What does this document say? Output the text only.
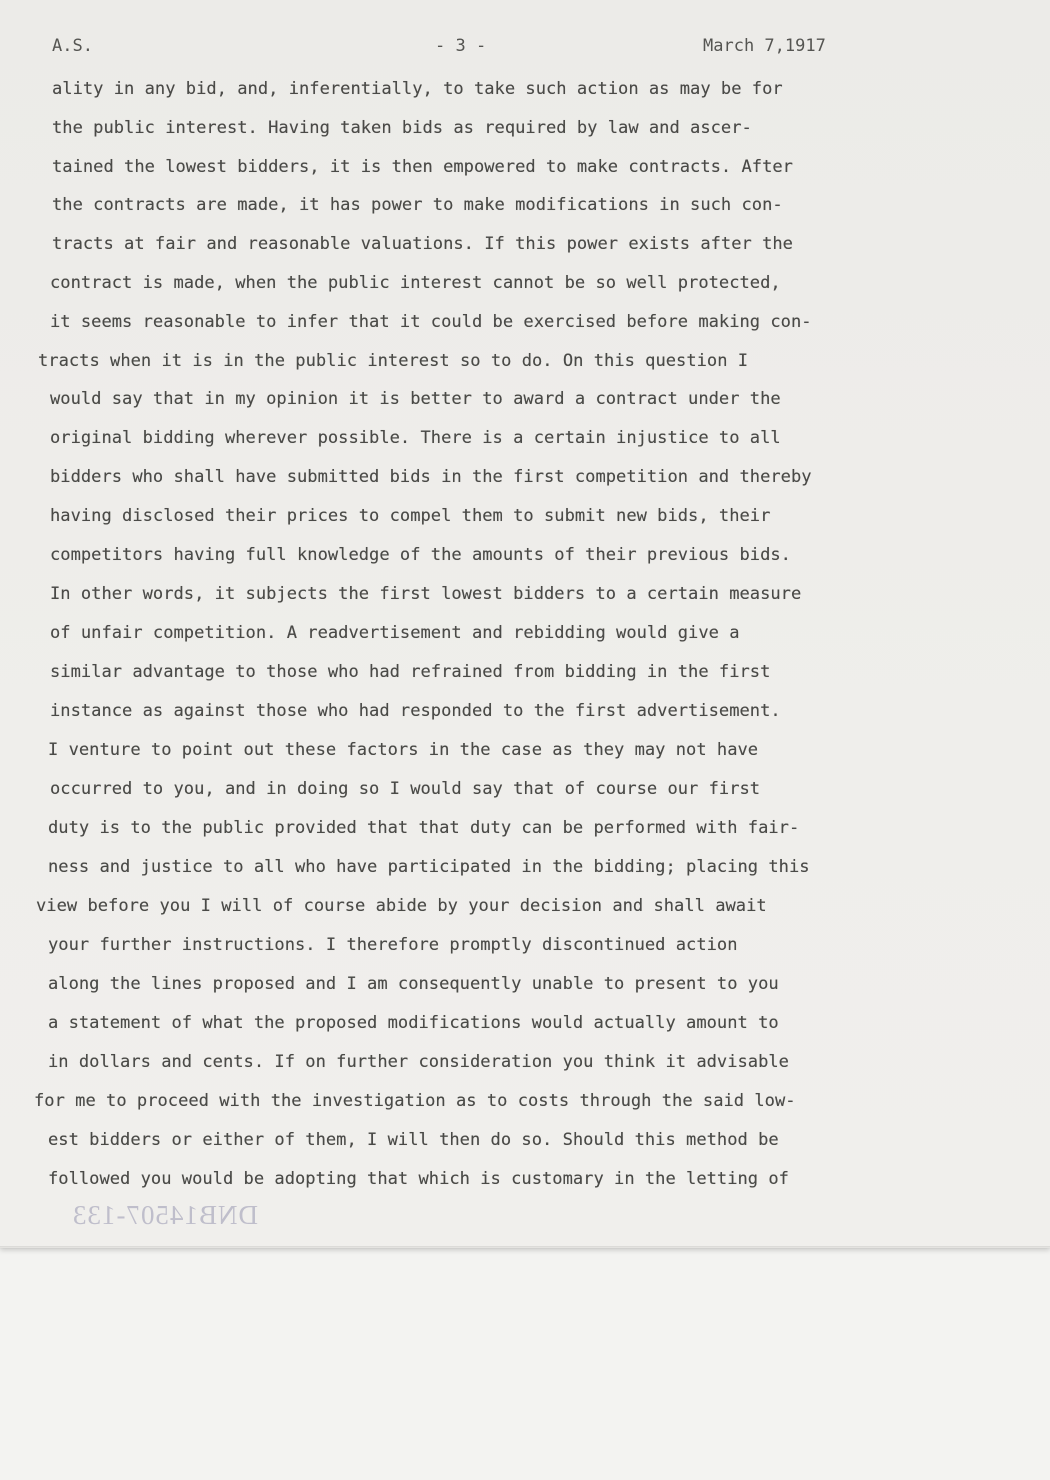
A.S.	- 3 -	March 7,1917
ality in any bid, and, inferentially, to take such action as may be for
the public interest. Having taken bids as required by law and ascer-
tained the lowest bidders, it is then empowered to make contracts. After
the contracts are made, it has power to make modifications in such con-
tracts at fair and reasonable valuations. If this power exists after the
contract is made, when the public interest cannot be so well protected,
it seems reasonable to infer that it could be exercised before making con-
tracts when it is in the public interest so to do. On this question I
would say that in my opinion it is better to award a contract under the
original bidding wherever possible. There is a certain injustice to all
bidders who shall have submitted bids in the first competition and thereby
having disclosed their prices to compel them to submit new bids, their
competitors having full knowledge of the amounts of their previous bids.
In other words, it subjects the first lowest bidders to a certain measure
of unfair competition. A readvertisement and rebidding would give a
similar advantage to those who had refrained from bidding in the first
instance as against those who had responded to the first advertisement.
I venture to point out these factors in the case as they may not have
occurred to you, and in doing so I would say that of course our first
duty is to the public provided that that duty can be performed with fair-
ness and justice to all who have participated in the bidding; placing this
view before you I will of course abide by your decision and shall await
your further instructions. I therefore promptly discontinued action
along the lines proposed and I am consequently unable to present to you
a statement of what the proposed modifications would actually amount to
in dollars and cents. If on further consideration you think it advisable
for me to proceed with the investigation as to costs through the said low-
est bidders or either of them, I will then do so. Should this method be
followed you would be adopting that which is customary in the letting of
DNB14507-133
